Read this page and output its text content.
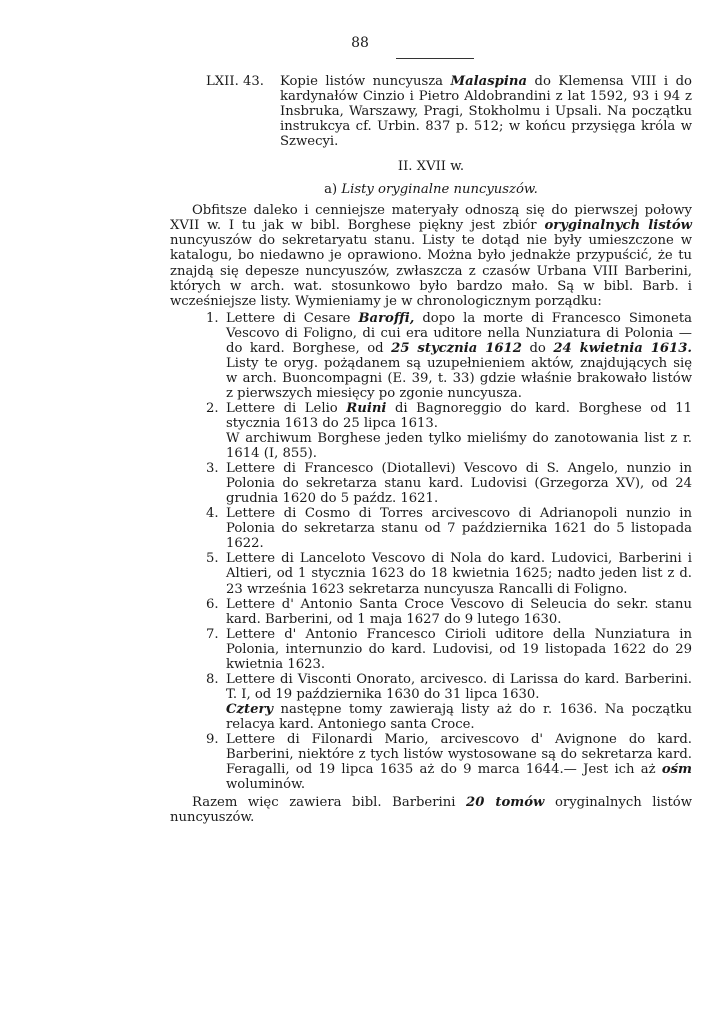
88

LXII. 43. Kopie listów nuncyusza Malaspina do Klemensa VIII i do kardynałów Cinzio i Pietro Aldobrandini z lat 1592, 93 i 94 z Insbruka, Warszawy, Pragi, Stokholmu i Upsali. Na początku instrukcya cf. Urbin. 837 p. 512; w końcu przysięga króla w Szwecyi.

II. XVII w.
a) Listy oryginalne nuncyuszów.

Obfitsze daleko i cenniejsze materyały odnoszą się do pierwszej połowy XVII w. I tu jak w bibl. Borghese piękny jest zbiór oryginalnych listów nuncyuszów do sekretaryatu stanu. Listy te dotąd nie były umieszczone w katalogu, bo niedawno je oprawiono. Można było jednakże przypuścić, że tu znajdą się depesze nuncyuszów, zwłaszcza z czasów Urbana VIII Barberini, których w arch. wat. stosunkowo było bardzo mało. Są w bibl. Barb. i wcześniejsze listy. Wymieniamy je w chronologicznym porządku:

1. Lettere di Cesare Baroffi, dopo la morte di Francesco Simoneta Vescovo di Foligno, di cui era uditore nella Nunziatura di Polonia — do kard. Borghese, od 25 stycznia 1612 do 24 kwietnia 1613. Listy te oryg. pożądanem są uzupełnieniem aktów, znajdujących się w arch. Buoncompagni (E. 39, t. 33) gdzie właśnie brakowało listów z pierwszych miesięcy po zgonie nuncyusza.
2. Lettere di Lelio Ruini di Bagnoreggio do kard. Borghese od 11 stycznia 1613 do 25 lipca 1613.
W archiwum Borghese jeden tylko mieliśmy do zanotowania list z r. 1614 (I, 855).
3. Lettere di Francesco (Diotallevi) Vescovo di S. Angelo, nunzio in Polonia do sekretarza stanu kard. Ludovisi (Grzegorza XV), od 24 grudnia 1620 do 5 paźdz. 1621.
4. Lettere di Cosmo di Torres arcivescovo di Adrianopoli nunzio in Polonia do sekretarza stanu od 7 października 1621 do 5 listopada 1622.
5. Lettere di Lanceloto Vescovo di Nola do kard. Ludovici, Barberini i Altieri, od 1 stycznia 1623 do 18 kwietnia 1625; nadto jeden list z d. 23 września 1623 sekretarza nuncyusza Rancalli di Foligno.
6. Lettere d' Antonio Santa Croce Vescovo di Seleucia do sekr. stanu kard. Barberini, od 1 maja 1627 do 9 lutego 1630.
7. Lettere d' Antonio Francesco Cirioli uditore della Nunziatura in Polonia, internunzio do kard. Ludovisi, od 19 listopada 1622 do 29 kwietnia 1623.
8. Lettere di Visconti Onorato, arcivesco. di Larissa do kard. Barberini. T. I, od 19 października 1630 do 31 lipca 1630.
Cztery następne tomy zawierają listy aż do r. 1636. Na początku relacya kard. Antoniego santa Croce.
9. Lettere di Filonardi Mario, arcivescovo d' Avignone do kard. Barberini, niektóre z tych listów wystosowane są do sekretarza kard. Feragalli, od 19 lipca 1635 aż do 9 marca 1644.— Jest ich aż ośm woluminów.

Razem więc zawiera bibl. Barberini 20 tomów oryginalnych listów nuncyuszów.
